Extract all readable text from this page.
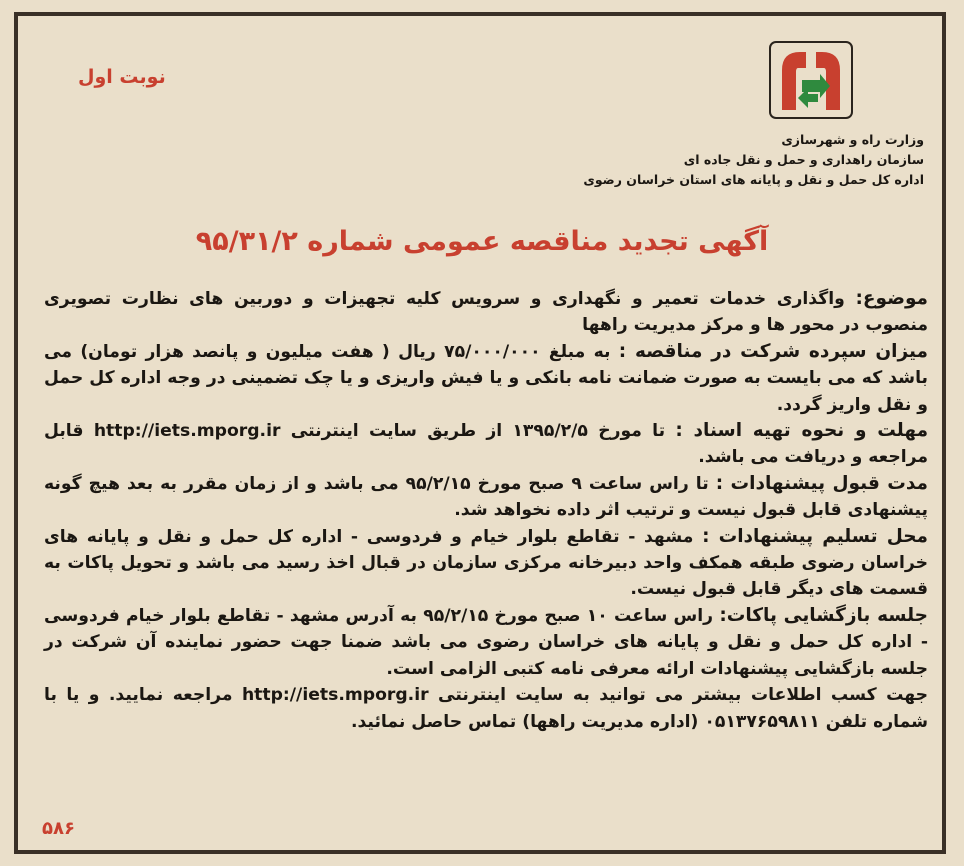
نوبت اول
وزارت راه و شهرسازی
سازمان راهداری و حمل و نقل جاده ای
اداره کل حمل و نقل و پایانه های استان خراسان رضوی
آگهی تجدید مناقصه عمومی شماره ۹۵/۳۱/۲

موضوع: واگذاری خدمات تعمیر و نگهداری و سرویس کلیه تجهیزات و دوربین های نظارت تصویری منصوب در محور ها و مرکز مدیریت راهها

میزان سپرده شرکت در مناقصه : به مبلغ ۷۵/۰۰۰/۰۰۰ ریال ( هفت میلیون و پانصد هزار تومان) می باشد که می بایست به صورت ضمانت نامه بانکی و یا فیش واریزی و یا چک تضمینی در وجه اداره کل حمل و نقل واریز گردد.

مهلت و نحوه تهیه اسناد : تا مورخ ۱۳۹۵/۲/۵ از طریق سایت اینترنتی http://iets.mporg.ir قابل مراجعه و دریافت می باشد.

مدت قبول پیشنهادات : تا راس ساعت ۹ صبح مورخ ۹۵/۲/۱۵ می باشد و از زمان مقرر به بعد هیچ گونه پیشنهادی قابل قبول نیست و ترتیب اثر داده نخواهد شد.

محل تسلیم پیشنهادات : مشهد - تقاطع بلوار خیام و فردوسی - اداره کل حمل و نقل و پایانه های خراسان رضوی طبقه همکف واحد دبیرخانه مرکزی سازمان در قبال اخذ رسید می باشد و تحویل پاکات به قسمت های دیگر قابل قبول نیست.

جلسه بازگشایی پاکات: راس ساعت ۱۰ صبح مورخ ۹۵/۲/۱۵ به آدرس مشهد - تقاطع بلوار خیام فردوسی - اداره کل حمل و نقل و پایانه های خراسان رضوی می باشد ضمنا جهت حضور نماینده آن شرکت در جلسه بازگشایی پیشنهادات ارائه معرفی نامه کتبی الزامی است.

جهت کسب اطلاعات بیشتر می توانید به سایت اینترنتی http://iets.mporg.ir مراجعه نمایید. و یا با شماره تلفن ۰۵۱۳۷۶۵۹۸۱۱ (اداره مدیریت راهها) تماس حاصل نمائید.

۵۸۶
